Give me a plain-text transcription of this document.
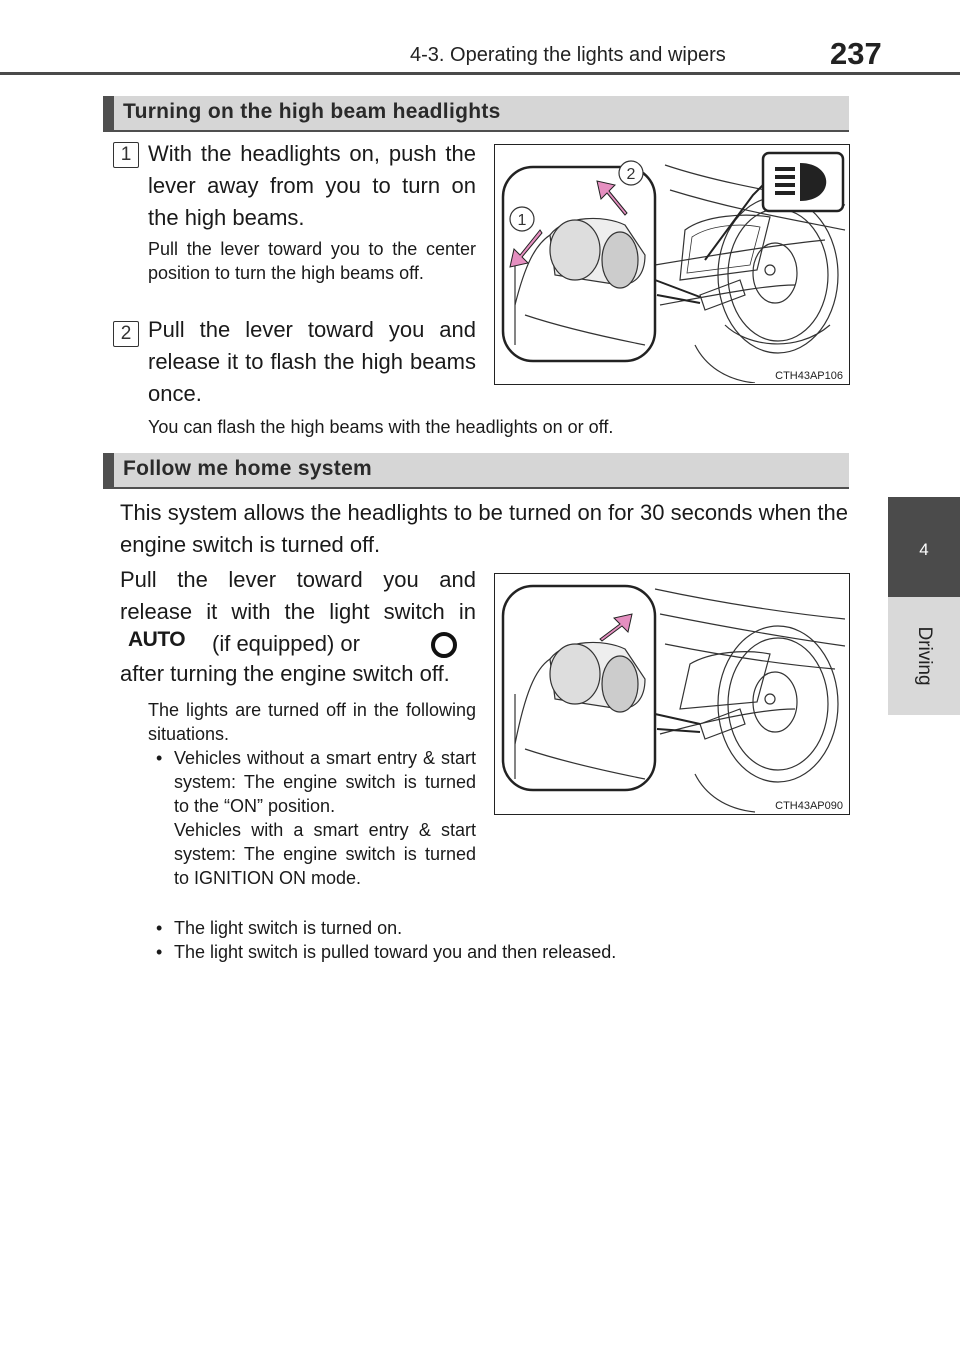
4-3. Operating the lights and wipers	237
4
Driving
Turning on the high beam headlights
1 With the headlights on, push the lever away from you to turn on the high beams.
Pull the lever toward you to the center position to turn the high beams off.
2 Pull the lever toward you and release it to flash the high beams once.
You can flash the high beams with the headlights on or off.
2
1
CTH43AP106
Follow me home system
This system allows the headlights to be turned on for 30 seconds when the engine switch is turned off.
Pull the lever toward you and
release it with the light switch in
AUTO (if equipped) or
after turning the engine switch off.
The lights are turned off in the following situations.
• Vehicles without a smart entry & start system: The engine switch is turned to the “ON” position.
Vehicles with a smart entry & start system: The engine switch is turned to IGNITION ON mode.
• The light switch is turned on.
• The light switch is pulled toward you and then released.
CTH43AP090
